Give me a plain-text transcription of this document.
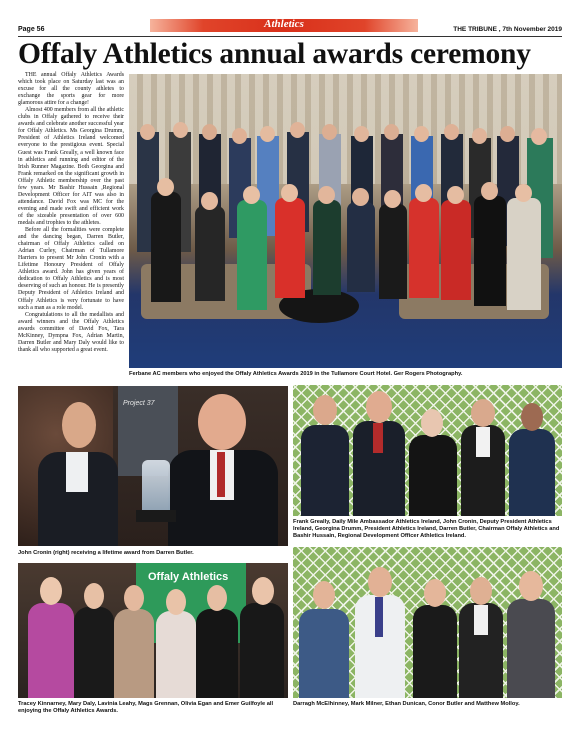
Page 56	Athletics	THE TRIBUNE , 7th November 2019
Offaly Athletics annual awards ceremony

THE annual Offaly Athletics Awards which took place on Saturday last was an excuse for all the county athletes to exchange the sports gear for more glamorous attire for a change!

Almost 400 members from all the athletic clubs in Offaly gathered to receive their awards and celebrate another successful year for Offaly Athletics. Ms Georgina Drumm, President of Athletics Ireland welcomed everyone to the prestigious event. Special Guest was Frank Greally, a well known face in athletics and running and editor of the Irish Runner Magazine. Both Georgina and Frank remarked on the significant growth in Offaly Athletic membership over the past few years. Mr Bashir Hussain ,Regional Development Officer for AIT was also in attendance. David Fox was MC for the evening and made swift and efficient work of the sizeable presentation of over 600 medals and trophies to the athletes.

Before all the formalities were complete and the dancing began, Darren Butler, chairman of Offaly Athletics called on Adrian Curley, Chairman of Tullamore Harriers to present Mr John Cronin with a Lifetime Honoury President of Offaly Athletics award. John has given years of dedication to Offaly Athletics and is most deserving of such an honour. He is presently Deputy President of Athletics Ireland and Offaly Athletics is very fortunate to have such a man as a role model.

Congratulations to all the medallists and award winners and the Offaly Athletics awards committee of David Fox, Tara McKinney, Dympna Fox, Adrian Martin, Darren Butler and Mary Daly would like to thank all who supported a great event.

Ferbane AC members who enjoyed the Offaly Athletics Awards 2019 in the Tullamore Court Hotel. Ger Rogers Photography.
Project 37
John Cronin (right) receiving a lifetime award from Darren Butler.
Frank Greally, Daily Mile Ambassador Athletics Ireland, John Cronin, Deputy President Athletics Ireland, Georgina Drumm, President Athletics Ireland, Darren Butler, Chairman Offaly Athletics and Bashir Hussain, Regional Development Officer Athletics Ireland.
Offaly Athletics
Tracey Kinnarney, Mary Daly, Lavinia Leahy, Mags Grennan, Olivia Egan and Emer Guilfoyle all enjoying the Offaly Athletics Awards.
Darragh McElhinney, Mark Milner, Ethan Dunican, Conor Butler and Matthew Molloy.
